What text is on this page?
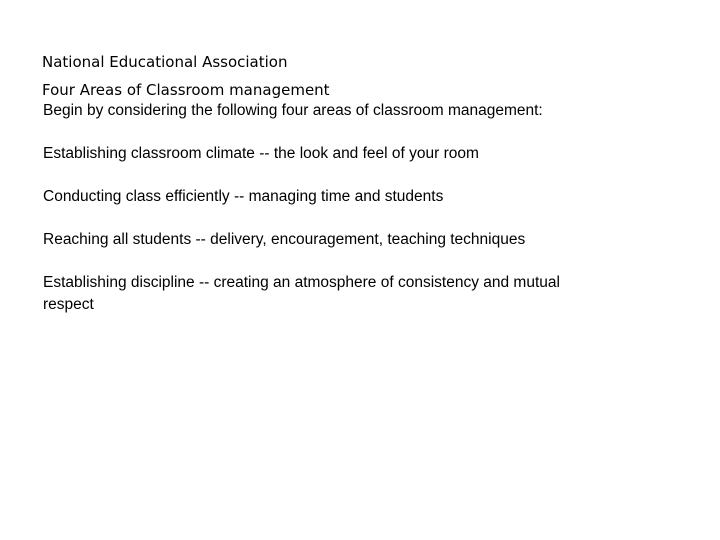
National Educational Association
Four Areas of Classroom management

Begin by considering the following four areas of classroom management:

Establishing classroom climate -- the look and feel of your room

Conducting class efficiently -- managing time and students

Reaching all students -- delivery, encouragement, teaching techniques

Establishing discipline -- creating an atmosphere of consistency and mutual respect
